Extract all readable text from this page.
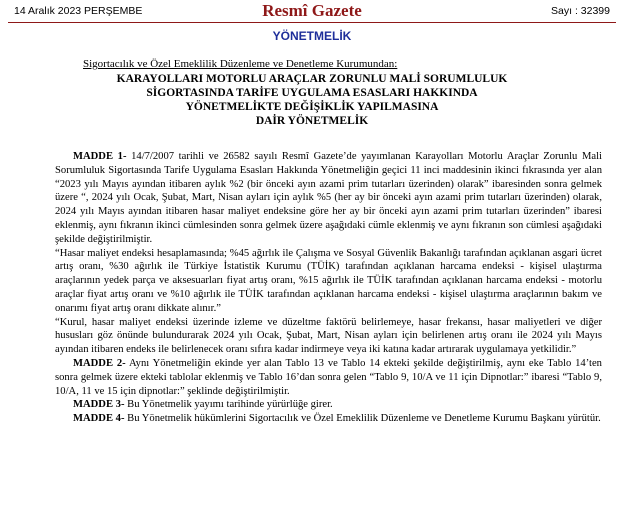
14 Aralık 2023 PERŞEMBE	Resmî Gazete	Sayı : 32399
YÖNETMELİK
Sigortacılık ve Özel Emeklilik Düzenleme ve Denetleme Kurumundan:
KARAYOLLARI MOTORLU ARAÇLAR ZORUNLU MALİ SORUMLULUK
SİGORTASINDA TARİFE UYGULAMA ESASLARI HAKKINDA
YÖNETMELİKTE DEĞİŞİKLİK YAPILMASINA
DAİR YÖNETMELİK

MADDE 1- 14/7/2007 tarihli ve 26582 sayılı Resmî Gazete’de yayımlanan Karayolları Motorlu Araçlar Zorunlu Mali Sorumluluk Sigortasında Tarife Uygulama Esasları Hakkında Yönetmeliğin geçici 11 inci maddesinin ikinci fıkrasında yer alan “2023 yılı Mayıs ayından itibaren aylık %2 (bir önceki ayın azami prim tutarları üzerinden) olarak” ibaresinden sonra gelmek üzere “, 2024 yılı Ocak, Şubat, Mart, Nisan ayları için aylık %5 (her ay bir önceki ayın azami prim tutarları üzerinden) olarak, 2024 yılı Mayıs ayından itibaren hasar maliyet endeksine göre her ay bir önceki ayın azami prim tutarları üzerinden” ibaresi eklenmiş, aynı fıkranın ikinci cümlesinden sonra gelmek üzere aşağıdaki cümle eklenmiş ve aynı fıkranın son cümlesi aşağıdaki şekilde değiştirilmiştir.

“Hasar maliyet endeksi hesaplamasında; %45 ağırlık ile Çalışma ve Sosyal Güvenlik Bakanlığı tarafından açıklanan asgari ücret artış oranı, %30 ağırlık ile Türkiye İstatistik Kurumu (TÜİK) tarafından açıklanan harcama endeksi - kişisel ulaştırma araçlarının yedek parça ve aksesuarları fiyat artış oranı, %15 ağırlık ile TÜİK tarafından açıklanan harcama endeksi - motorlu araçlar fiyat artış oranı ve %10 ağırlık ile TÜİK tarafından açıklanan harcama endeksi - kişisel ulaştırma araçlarının bakım ve onarımı fiyat artış oranı dikkate alınır.”

“Kurul, hasar maliyet endeksi üzerinde izleme ve düzeltme faktörü belirlemeye, hasar frekansı, hasar maliyetleri ve diğer hususları göz önünde bulundurarak 2024 yılı Ocak, Şubat, Mart, Nisan ayları için belirlenen artış oranı ile 2024 yılı Mayıs ayından itibaren endeks ile belirlenecek oranı sıfıra kadar indirmeye veya iki katına kadar artırarak uygulamaya yetkilidir.”

MADDE 2- Aynı Yönetmeliğin ekinde yer alan Tablo 13 ve Tablo 14 ekteki şekilde değiştirilmiş, aynı eke Tablo 14’ten sonra gelmek üzere ekteki tablolar eklenmiş ve Tablo 16’dan sonra gelen “Tablo 9, 10/A ve 11 için Dipnotlar:” ibaresi “Tablo 9, 10/A, 11 ve 15 için dipnotlar:” şeklinde değiştirilmiştir.

MADDE 3- Bu Yönetmelik yayımı tarihinde yürürlüğe girer.

MADDE 4- Bu Yönetmelik hükümlerini Sigortacılık ve Özel Emeklilik Düzenleme ve Denetleme Kurumu Başkanı yürütür.
